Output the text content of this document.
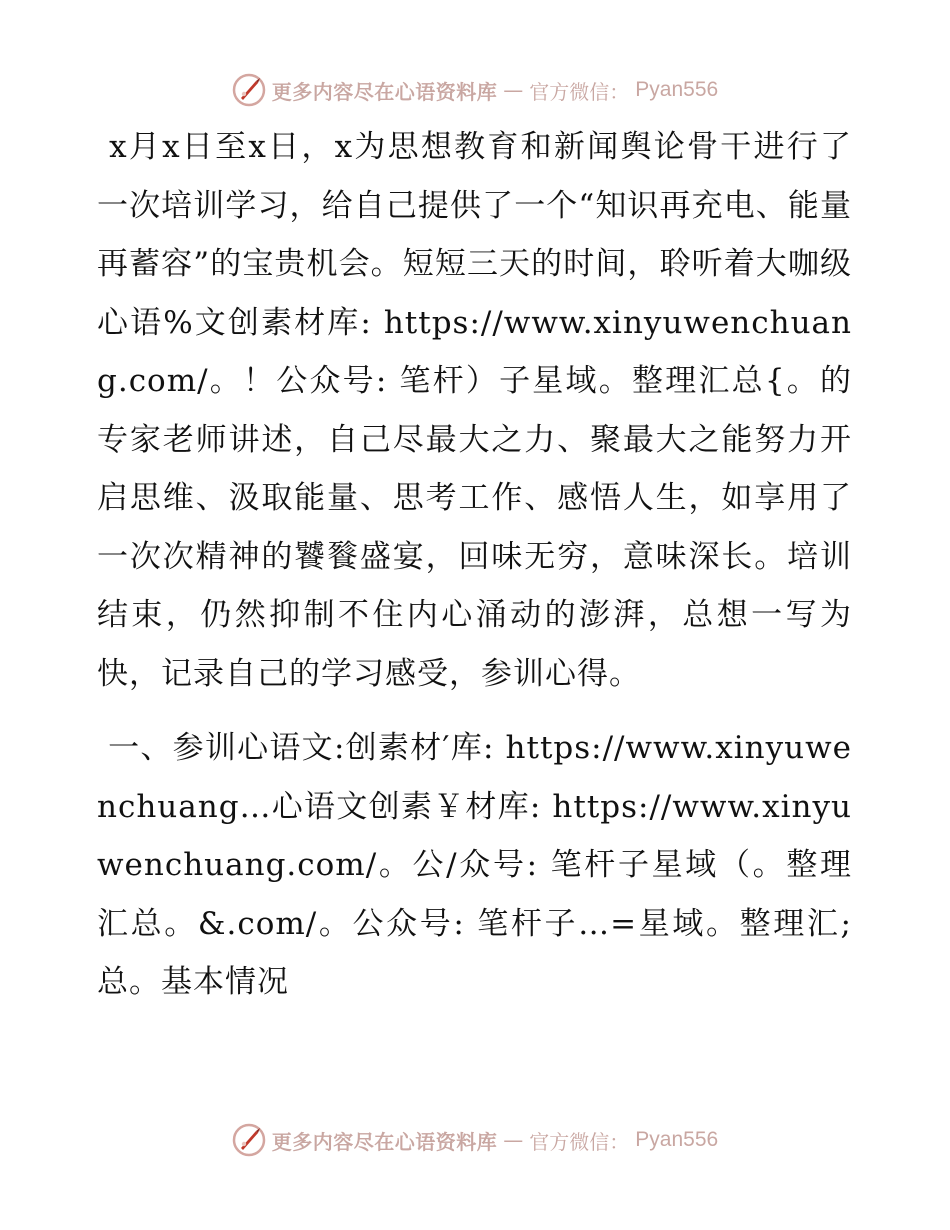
更多内容尽在心语资料库 — 官方微信： Pyan556

x月x日至x日，x为思想教育和新闻舆论骨干进行了一次培训学习，给自己提供了一个“知识再充电、能量再蓄容”的宝贵机会。短短三天的时间，聆听着大咖级心语%文创素材库: https://www.xinyuwenchuang.com/。！公众号: 笔杆）子星域。整理汇总{。的专家老师讲述，自己尽最大之力、聚最大之能努力开启思维、汲取能量、思考工作、感悟人生，如享用了一次次精神的饕餮盛宴，回味无穷，意味深长。培训结束，仍然抑制不住内心涌动的澎湃，总想一写为快，记录自己的学习感受，参训心得。

一、参训心语文:创素材′库: https://www.xinyuwenchuang…心语文创素￥材库: https://www.xinyuwenchuang.com/。公/众号: 笔杆子星域（。整理汇总。&.com/。公众号: 笔杆子…=星域。整理汇;总。基本情况

更多内容尽在心语资料库 — 官方微信： Pyan556
